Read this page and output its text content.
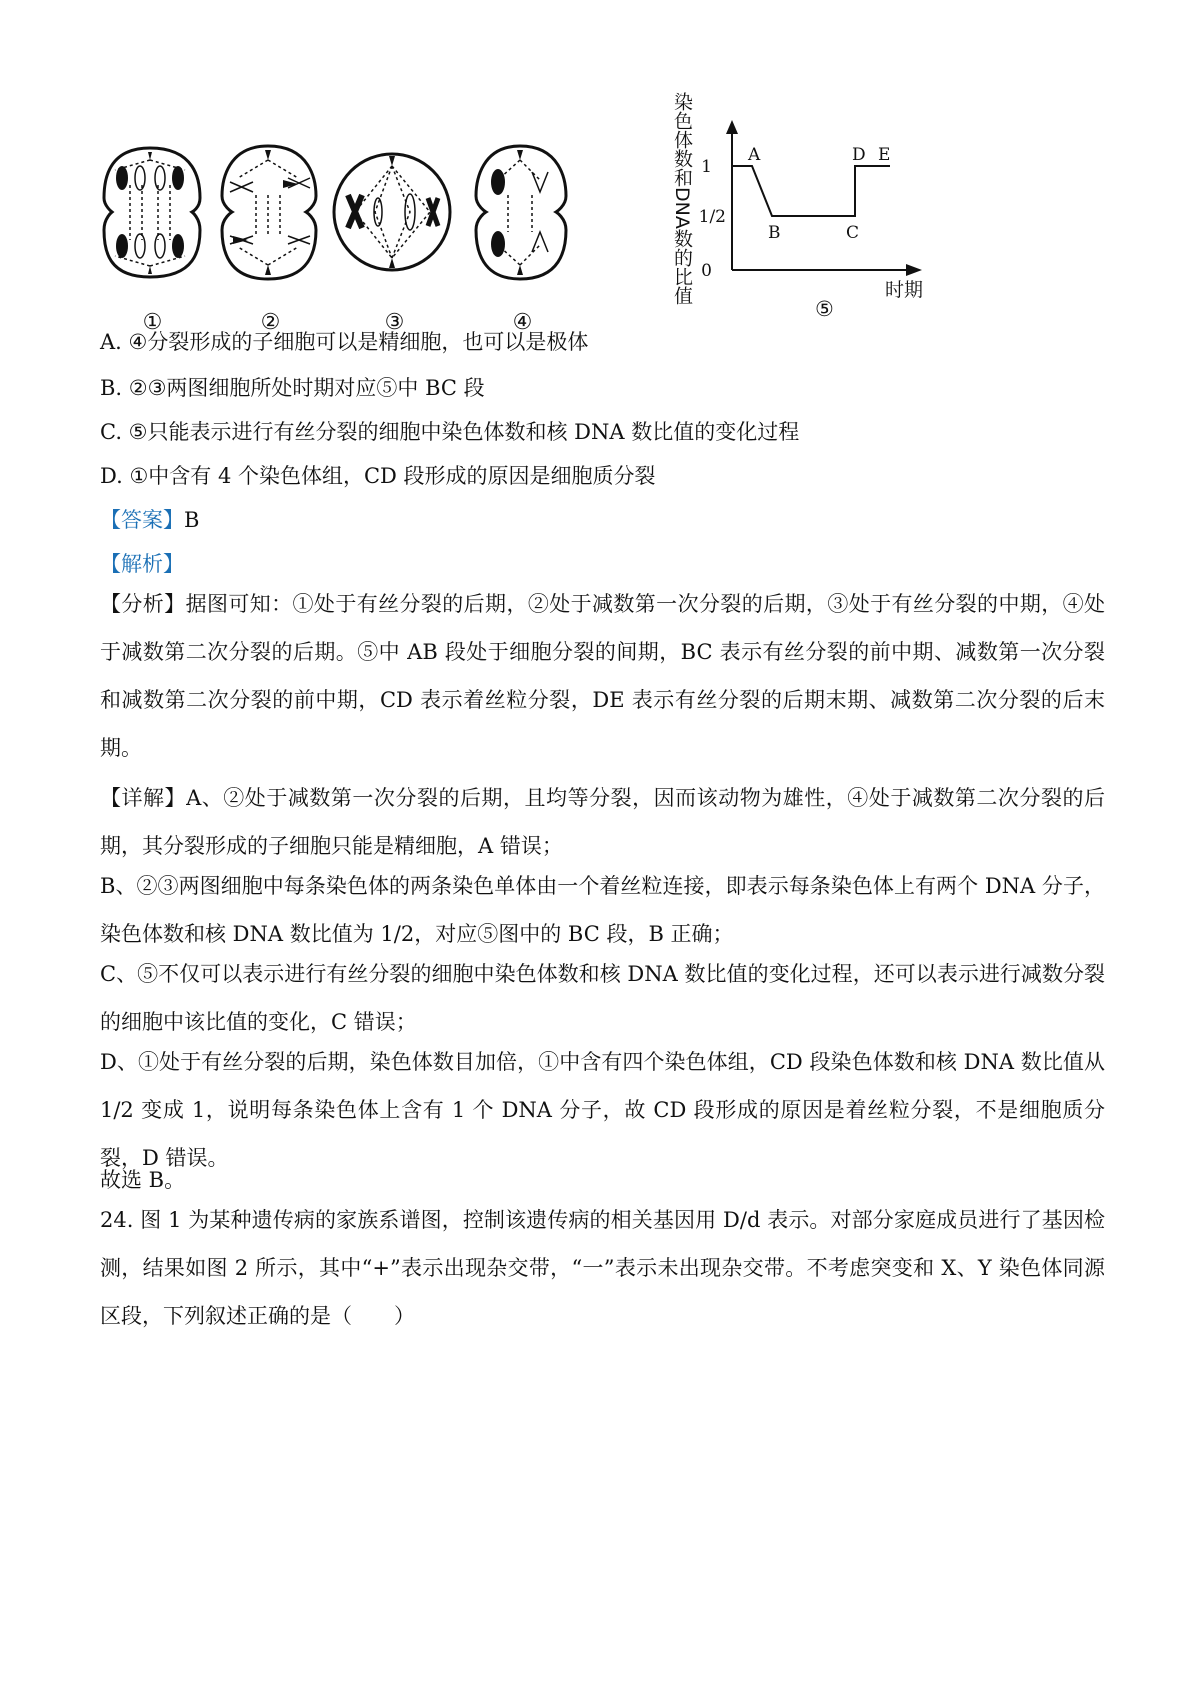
①	②	③	④
染色体数和DNA数的比值 1
1/2
0
A
B	C
D E
时期
⑤
A. ④分裂形成的子细胞可以是精细胞，也可以是极体
B. ②③两图细胞所处时期对应⑤中 BC 段
C. ⑤只能表示进行有丝分裂的细胞中染色体数和核 DNA 数比值的变化过程
D. ①中含有 4 个染色体组，CD 段形成的原因是细胞质分裂
【答案】B
【解析】
【分析】据图可知：①处于有丝分裂的后期，②处于减数第一次分裂的后期，③处于有丝分裂的中期，④处于减数第二次分裂的后期。⑤中 AB 段处于细胞分裂的间期，BC 表示有丝分裂的前中期、减数第一次分裂和减数第二次分裂的前中期，CD 表示着丝粒分裂，DE 表示有丝分裂的后期末期、减数第二次分裂的后末期。
【详解】A、②处于减数第一次分裂的后期，且均等分裂，因而该动物为雄性，④处于减数第二次分裂的后期，其分裂形成的子细胞只能是精细胞，A 错误；
B、②③两图细胞中每条染色体的两条染色单体由一个着丝粒连接，即表示每条染色体上有两个 DNA 分子，染色体数和核 DNA 数比值为 1/2，对应⑤图中的 BC 段，B 正确；
C、⑤不仅可以表示进行有丝分裂的细胞中染色体数和核 DNA 数比值的变化过程，还可以表示进行减数分裂的细胞中该比值的变化，C 错误；
D、①处于有丝分裂的后期，染色体数目加倍，①中含有四个染色体组，CD 段染色体数和核 DNA 数比值从 1/2 变成 1，说明每条染色体上含有 1 个 DNA 分子，故 CD 段形成的原因是着丝粒分裂，不是细胞质分裂，D 错误。
故选 B。
24. 图 1 为某种遗传病的家族系谱图，控制该遗传病的相关基因用 D/d 表示。对部分家庭成员进行了基因检测，结果如图 2 所示，其中“+”表示出现杂交带，“一”表示未出现杂交带。不考虑突变和 X、Y 染色体同源区段，下列叙述正确的是（　　）
